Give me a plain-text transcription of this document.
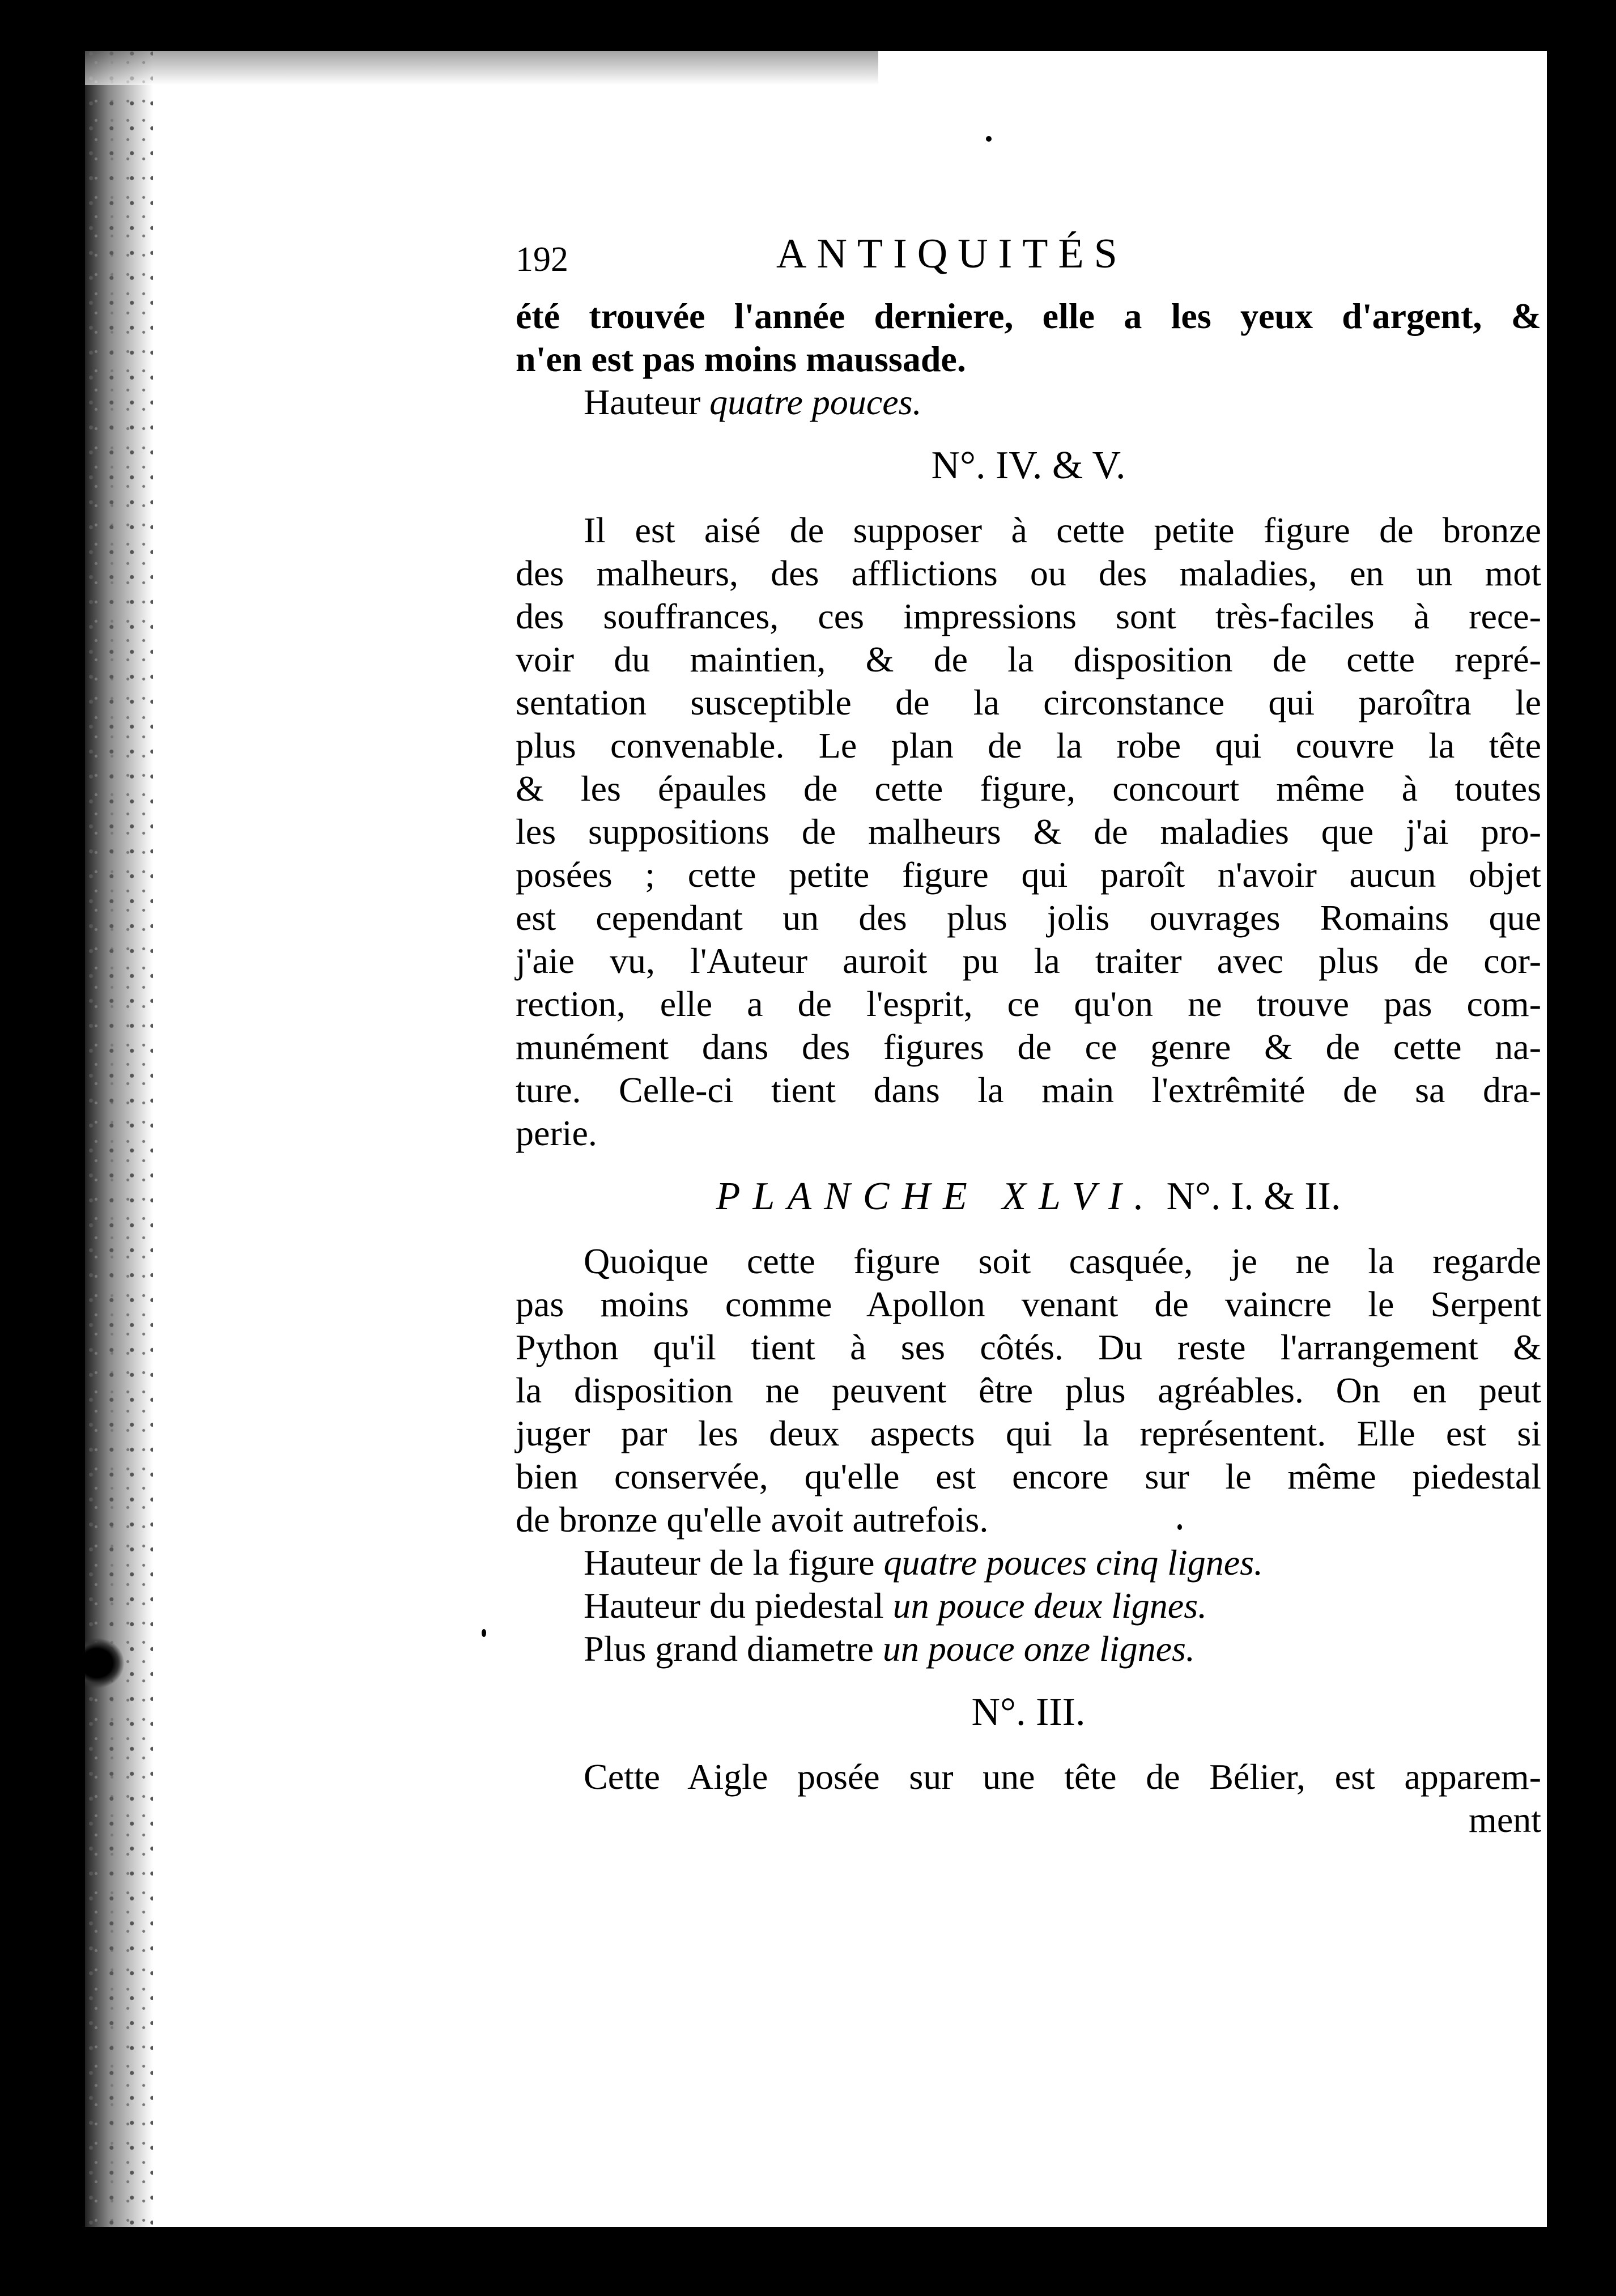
192	ANTIQUITÉS
été trouvée l'année derniere, elle a les yeux d'argent, &
n'en est pas moins maussade.
Hauteur quatre pouces.
N°. IV. & V.
Il est aisé de supposer à cette petite figure de bronze
des malheurs, des afflictions ou des maladies, en un mot
des souffrances, ces impressions sont très-faciles à rece-
voir du maintien, & de la disposition de cette repré-
sentation susceptible de la circonstance qui paroîtra le
plus convenable. Le plan de la robe qui couvre la tête
& les épaules de cette figure, concourt même à toutes
les suppositions de malheurs & de maladies que j'ai pro-
posées ; cette petite figure qui paroît n'avoir aucun objet
est cependant un des plus jolis ouvrages Romains que
j'aie vu, l'Auteur auroit pu la traiter avec plus de cor-
rection, elle a de l'esprit, ce qu'on ne trouve pas com-
munément dans des figures de ce genre & de cette na-
ture. Celle-ci tient dans la main l'extrêmité de sa dra-
perie.
PLANCHE XLVI. N°. I. & II.
Quoique cette figure soit casquée, je ne la regarde
pas moins comme Apollon venant de vaincre le Serpent
Python qu'il tient à ses côtés. Du reste l'arrangement &
la disposition ne peuvent être plus agréables. On en peut
juger par les deux aspects qui la représentent. Elle est si
bien conservée, qu'elle est encore sur le même piedestal
de bronze qu'elle avoit autrefois.
Hauteur de la figure quatre pouces cinq lignes.
Hauteur du piedestal un pouce deux lignes.
Plus grand diametre un pouce onze lignes.
N°. III.
Cette Aigle posée sur une tête de Bélier, est apparem-
ment
